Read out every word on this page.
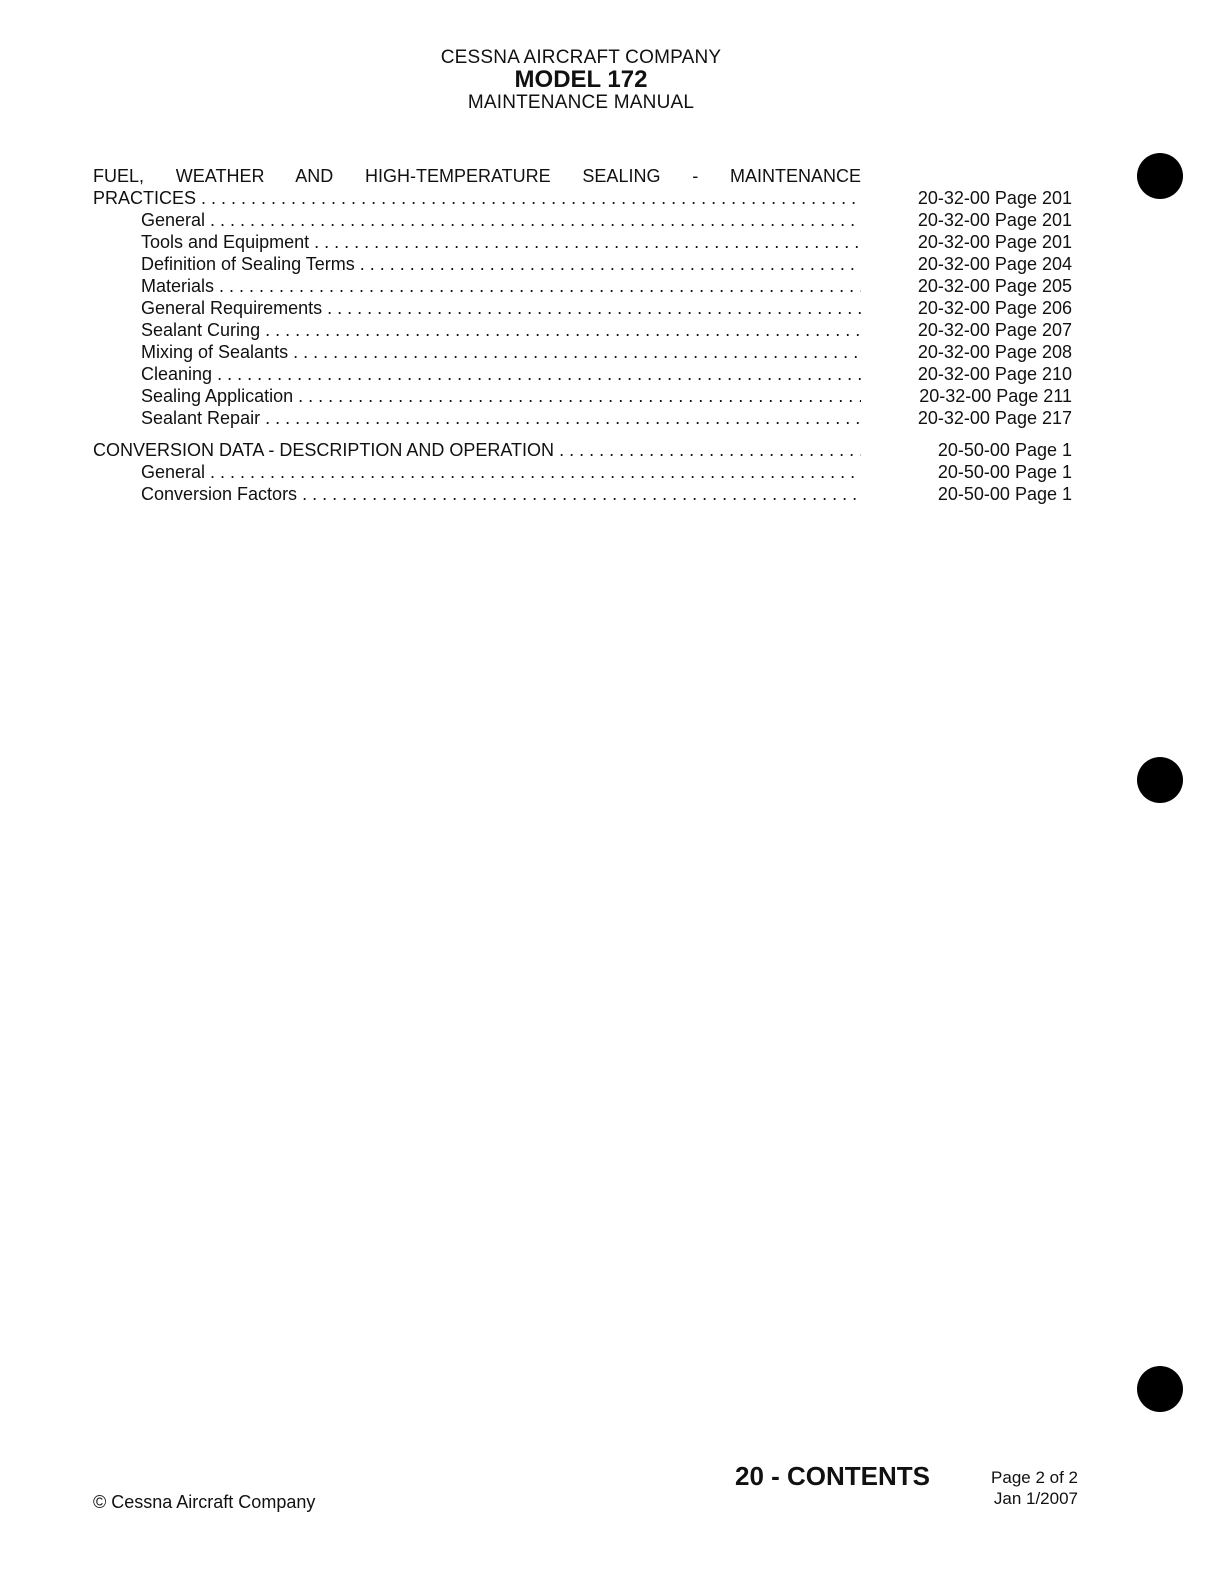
CESSNA AIRCRAFT COMPANY
MODEL 172
MAINTENANCE MANUAL
FUEL, WEATHER AND HIGH-TEMPERATURE SEALING - MAINTENANCE
PRACTICES . . .	20-32-00 Page 201
General . . .	20-32-00 Page 201
Tools and Equipment . . .	20-32-00 Page 201
Definition of Sealing Terms . . .	20-32-00 Page 204
Materials . . .	20-32-00 Page 205
General Requirements . . .	20-32-00 Page 206
Sealant Curing . . .	20-32-00 Page 207
Mixing of Sealants . . .	20-32-00 Page 208
Cleaning . . .	20-32-00 Page 210
Sealing Application . . .	20-32-00 Page 211
Sealant Repair . . .	20-32-00 Page 217
CONVERSION DATA - DESCRIPTION AND OPERATION . . .	20-50-00 Page 1
General . . .	20-50-00 Page 1
Conversion Factors . . .	20-50-00 Page 1
© Cessna Aircraft Company
20 - CONTENTS	Page 2 of 2
Jan 1/2007
